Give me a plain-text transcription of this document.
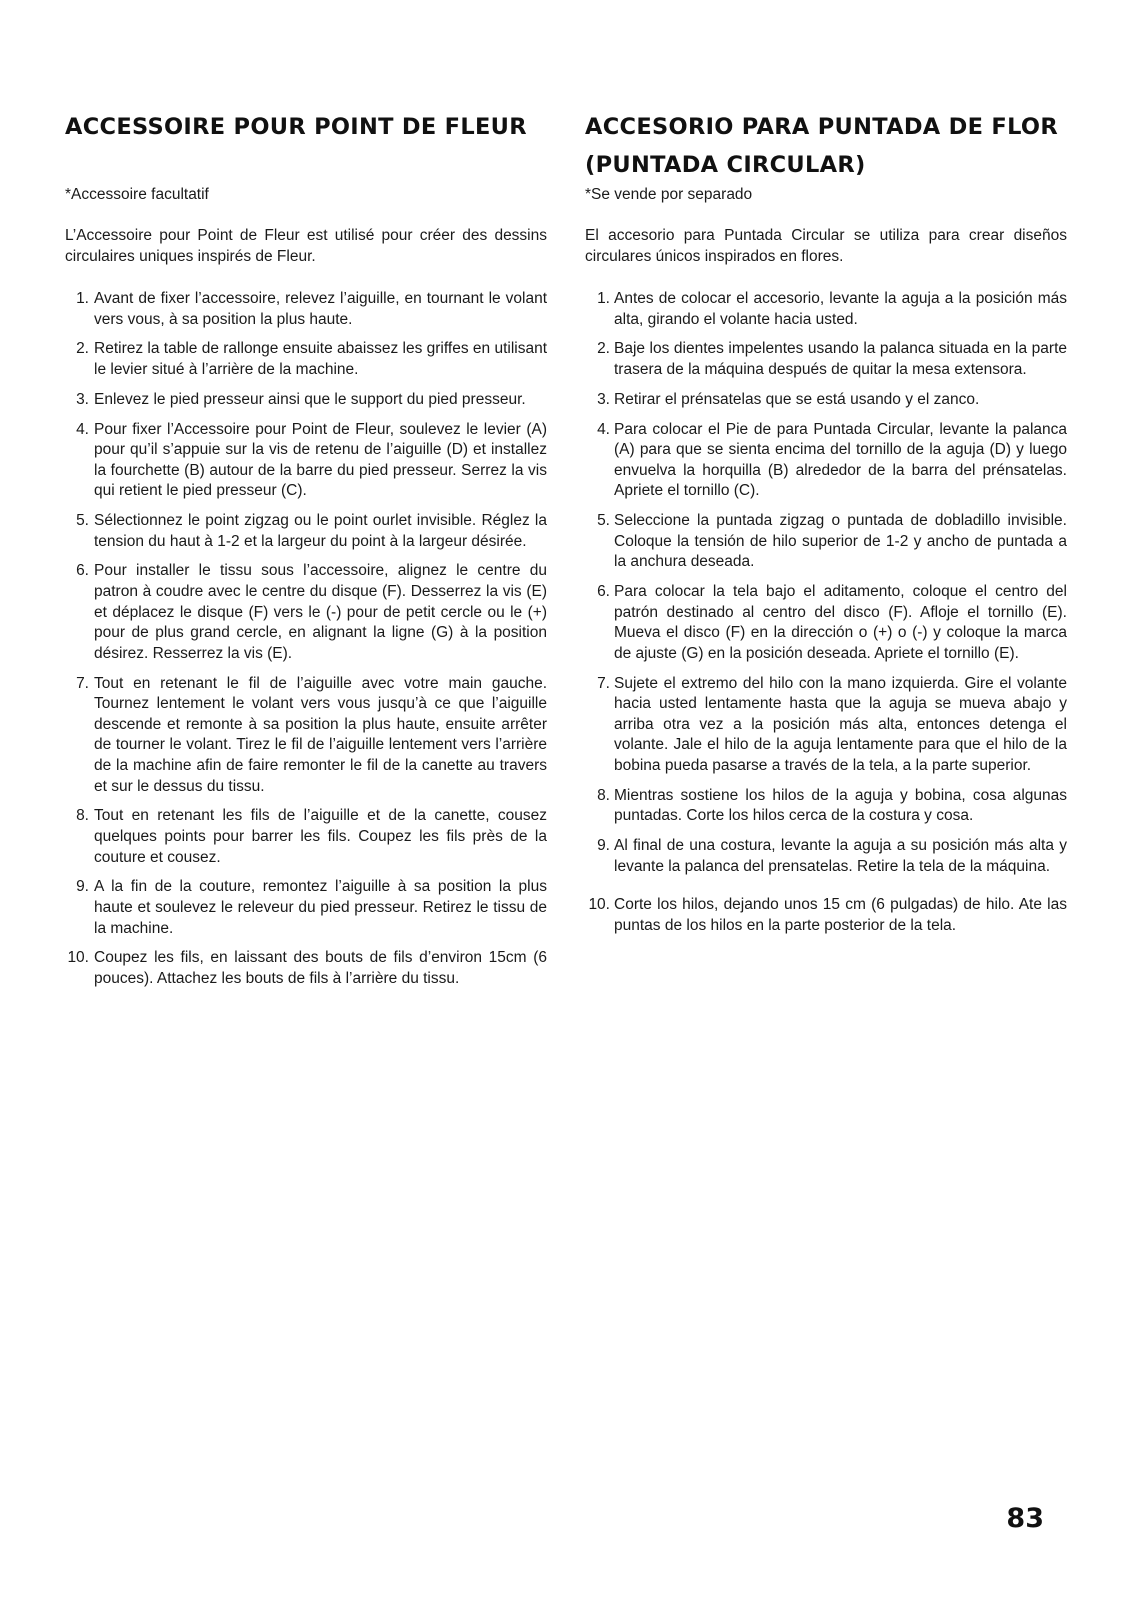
ACCESSOIRE POUR POINT DE FLEUR

*Accessoire facultatif

L’Accessoire pour Point de Fleur est utilisé pour créer des dessins circulaires uniques inspirés de Fleur.

1. Avant de fixer l’accessoire, relevez l’aiguille, en tournant le volant vers vous, à sa position la plus haute.
2. Retirez la table de rallonge ensuite abaissez les griffes en utilisant le levier situé à l’arrière de la machine.
3. Enlevez le pied presseur ainsi que le support du pied presseur.
4. Pour fixer l’Accessoire pour Point de Fleur, soulevez le levier (A) pour qu’il s’appuie sur la vis de retenu de l’aiguille (D) et installez la fourchette (B) autour de la barre du pied presseur. Serrez la vis qui retient le pied presseur (C).
5. Sélectionnez le point zigzag ou le point ourlet invisible. Réglez la tension du haut à 1-2 et la largeur du point à la largeur désirée.
6. Pour installer le tissu sous l’accessoire, alignez le centre du patron à coudre avec le centre du disque (F). Desserrez la vis (E) et déplacez le disque (F) vers le (-) pour de petit cercle ou le (+) pour de plus grand cercle, en alignant la ligne (G) à la position désirez. Resserrez la vis (E).
7. Tout en retenant le fil de l’aiguille avec votre main gauche. Tournez lentement le volant vers vous jusqu’à ce que l’aiguille descende et remonte à sa position la plus haute, ensuite arrêter de tourner le volant. Tirez le fil de l’aiguille lentement vers l’arrière de la machine afin de faire remonter le fil de la canette au travers et sur le dessus du tissu.
8. Tout en retenant les fils de l’aiguille et de la canette, cousez quelques points pour barrer les fils. Coupez les fils près de la couture et cousez.
9. A la fin de la couture, remontez l’aiguille à sa position la plus haute et soulevez le releveur du pied presseur. Retirez le tissu de la machine.
10. Coupez les fils, en laissant des bouts de fils d’environ 15cm (6 pouces). Attachez les bouts de fils à l’arrière du tissu.
ACCESORIO PARA PUNTADA DE FLOR (PUNTADA CIRCULAR)

*Se vende por separado

El accesorio para Puntada Circular se utiliza para crear diseños circulares únicos inspirados en flores.

1. Antes de colocar el accesorio, levante la aguja a la posición más alta, girando el volante hacia usted.
2. Baje los dientes impelentes usando la palanca situada en la parte trasera de la máquina después de quitar la mesa extensora.
3. Retirar el prénsatelas que se está usando y el zanco.
4. Para colocar el Pie de para Puntada Circular, levante la palanca (A) para que se sienta encima del tornillo de la aguja (D) y luego envuelva la horquilla (B) alrededor de la barra del prénsatelas. Apriete el tornillo (C).
5. Seleccione la puntada zigzag o puntada de dobladillo invisible. Coloque la tensión de hilo superior de 1-2 y ancho de puntada a la anchura deseada.
6. Para colocar la tela bajo el aditamento, coloque el centro del patrón destinado al centro del disco (F). Afloje el tornillo (E). Mueva el disco (F) en la dirección o (+) o (-) y coloque la marca de ajuste (G) en la posición deseada. Apriete el tornillo (E).
7. Sujete el extremo del hilo con la mano izquierda. Gire el volante hacia usted lentamente hasta que la aguja se mueva abajo y arriba otra vez a la posición más alta, entonces detenga el volante. Jale el hilo de la aguja lentamente para que el hilo de la bobina pueda pasarse a través de la tela, a la parte superior.
8. Mientras sostiene los hilos de la aguja y bobina, cosa algunas puntadas. Corte los hilos cerca de la costura y cosa.
9. Al final de una costura, levante la aguja a su posición más alta y levante la palanca del prensatelas. Retire la tela de la máquina.
10. Corte los hilos, dejando unos 15 cm (6 pulgadas) de hilo. Ate las puntas de los hilos en la parte posterior de la tela.
83
